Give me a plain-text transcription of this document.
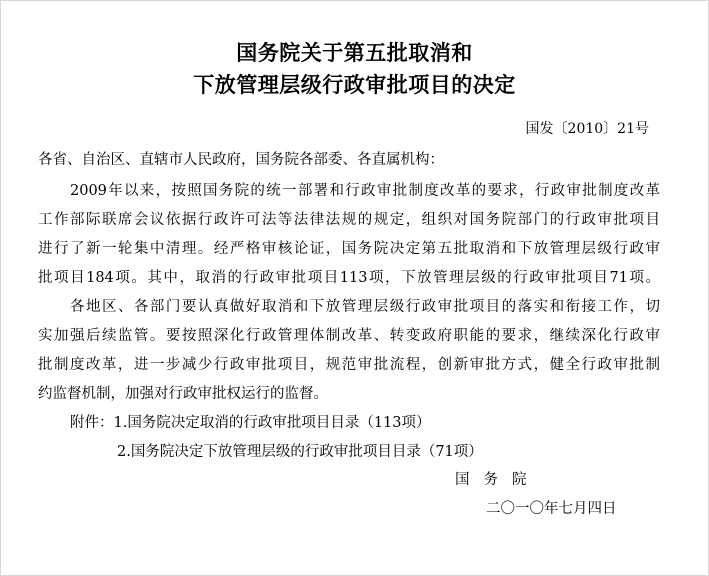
国务院关于第五批取消和
下放管理层级行政审批项目的决定
国发〔2010〕21号
各省、自治区、直辖市人民政府，国务院各部委、各直属机构：
2009年以来，按照国务院的统一部署和行政审批制度改革的要求，行政审批制度改革
工作部际联席会议依据行政许可法等法律法规的规定，组织对国务院部门的行政审批项目
进行了新一轮集中清理。经严格审核论证，国务院决定第五批取消和下放管理层级行政审
批项目184项。其中，取消的行政审批项目113项，下放管理层级的行政审批项目71项。
各地区、各部门要认真做好取消和下放管理层级行政审批项目的落实和衔接工作，切
实加强后续监管。要按照深化行政管理体制改革、转变政府职能的要求，继续深化行政审
批制度改革，进一步减少行政审批项目，规范审批流程，创新审批方式，健全行政审批制
约监督机制，加强对行政审批权运行的监督。
附件：1.国务院决定取消的行政审批项目目录（113项）
2.国务院决定下放管理层级的行政审批项目目录（71项）
国务院
二〇一〇年七月四日
